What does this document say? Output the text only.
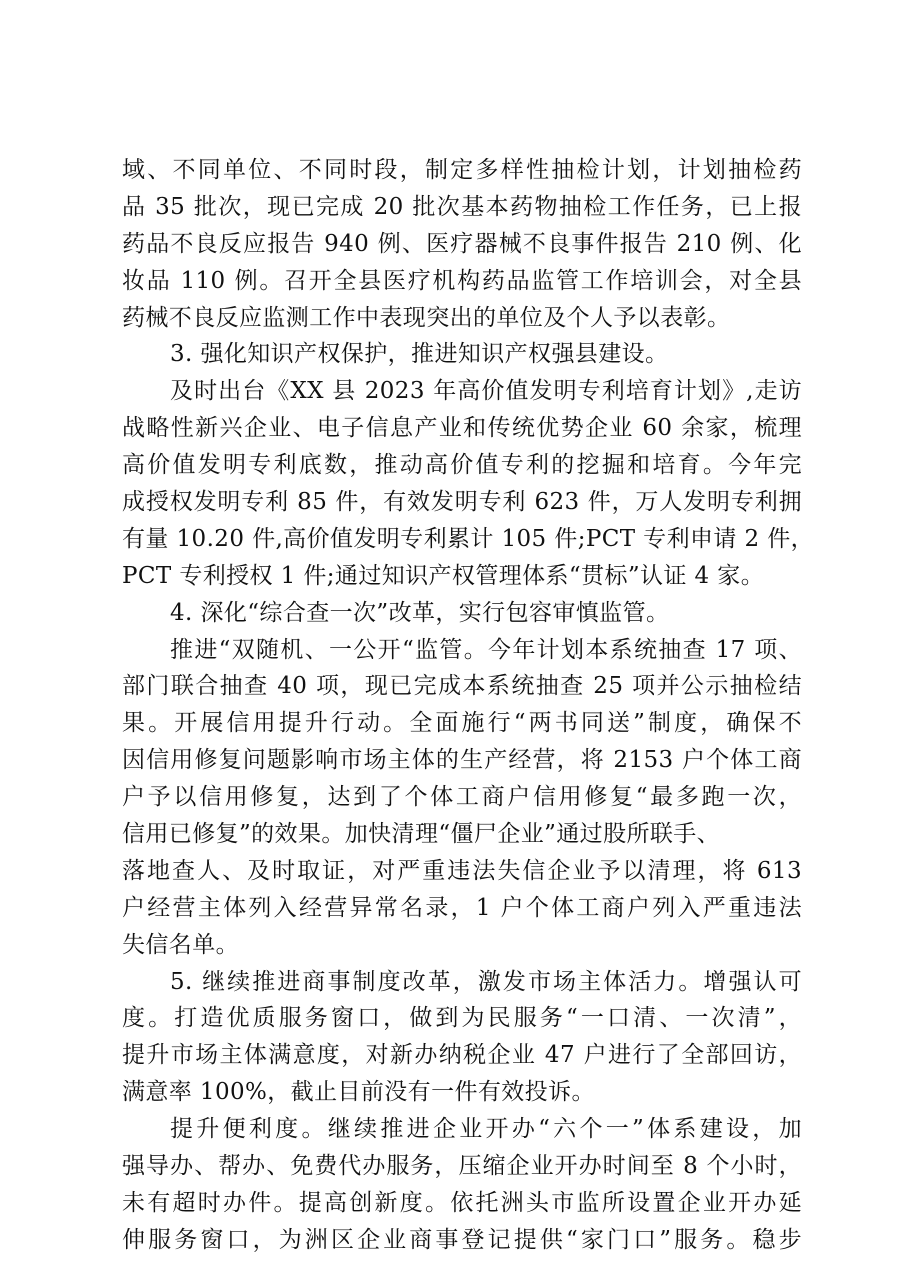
域、不同单位、不同时段，制定多样性抽检计划，计划抽检药
品 35 批次，现已完成 20 批次基本药物抽检工作任务，已上报
药品不良反应报告 940 例、医疗器械不良事件报告 210 例、化
妆品 110 例。召开全县医疗机构药品监管工作培训会，对全县
药械不良反应监测工作中表现突出的单位及个人予以表彰。
3. 强化知识产权保护，推进知识产权强县建设。
及时出台《XX 县 2023 年高价值发明专利培育计划》,走访
战略性新兴企业、电子信息产业和传统优势企业 60 余家，梳理
高价值发明专利底数，推动高价值专利的挖掘和培育。今年完
成授权发明专利 85 件，有效发明专利 623 件，万人发明专利拥
有量 10.20 件,高价值发明专利累计 105 件;PCT 专利申请 2 件，
PCT 专利授权 1 件;通过知识产权管理体系“贯标”认证 4 家。
4. 深化“综合查一次”改革，实行包容审慎监管。
推进“双随机、一公开“监管。今年计划本系统抽查 17 项、
部门联合抽查 40 项，现已完成本系统抽查 25 项并公示抽检结
果。开展信用提升行动。全面施行“两书同送”制度，确保不
因信用修复问题影响市场主体的生产经营，将 2153 户个体工商
户予以信用修复，达到了个体工商户信用修复“最多跑一次，
信用已修复”的效果。加快清理“僵尸企业”通过股所联手、
落地查人、及时取证，对严重违法失信企业予以清理，将 613
户经营主体列入经营异常名录，1 户个体工商户列入严重违法
失信名单。
5. 继续推进商事制度改革，激发市场主体活力。增强认可
度。打造优质服务窗口，做到为民服务“一口清、一次清”，
提升市场主体满意度，对新办纳税企业 47 户进行了全部回访，
满意率 100%，截止目前没有一件有效投诉。
提升便利度。继续推进企业开办“六个一”体系建设，加
强导办、帮办、免费代办服务，压缩企业开办时间至 8 个小时，
未有超时办件。提高创新度。依托洲头市监所设置企业开办延
伸服务窗口，为洲区企业商事登记提供“家门口”服务。稳步
